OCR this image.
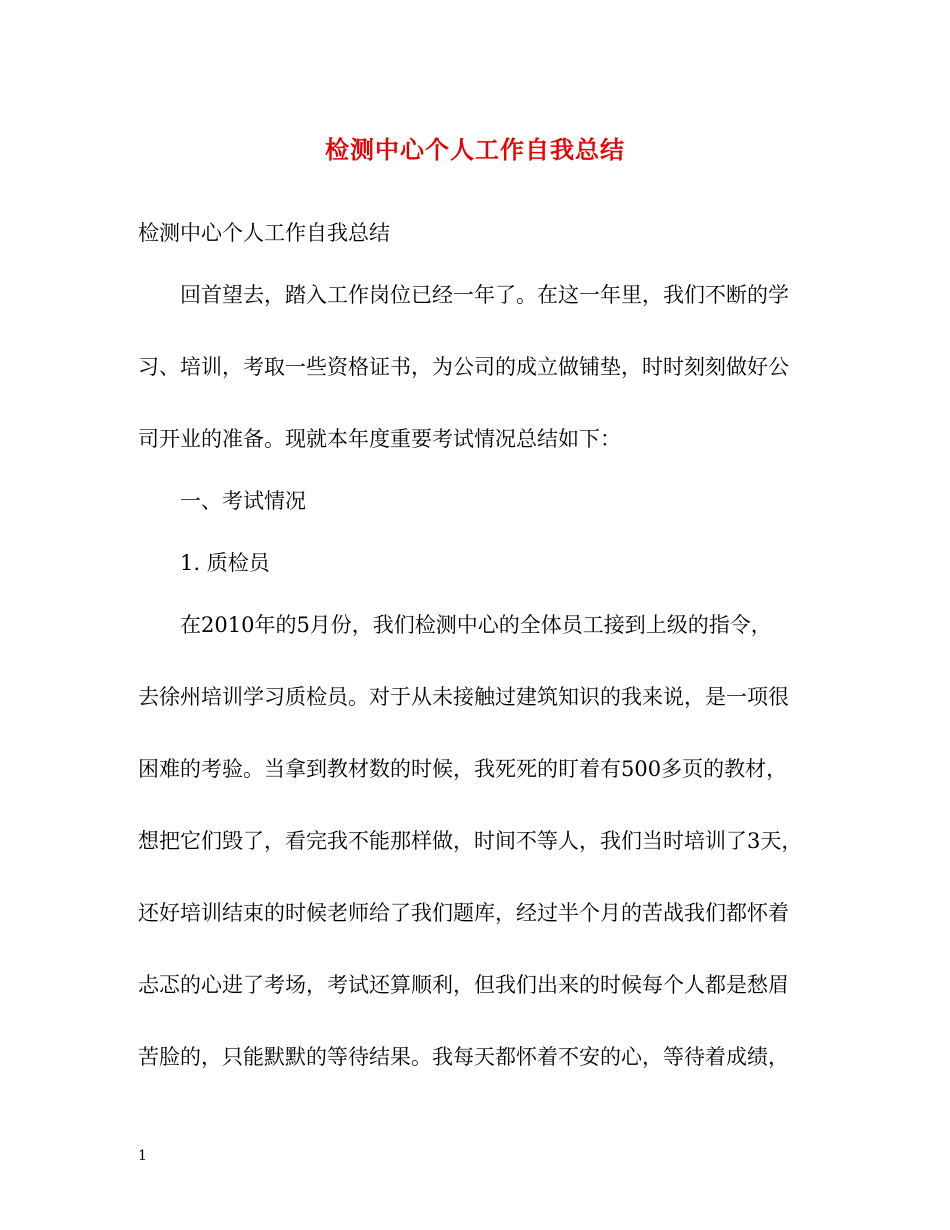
检测中心个人工作自我总结
检测中心个人工作自我总结
回首望去，踏入工作岗位已经一年了。在这一年里，我们不断的学
习、培训，考取一些资格证书，为公司的成立做铺垫，时时刻刻做好公
司开业的准备。现就本年度重要考试情况总结如下：
一、考试情况
1. 质检员
在2010年的5月份，我们检测中心的全体员工接到上级的指令，
去徐州培训学习质检员。对于从未接触过建筑知识的我来说，是一项很
困难的考验。当拿到教材数的时候，我死死的盯着有500多页的教材，
想把它们毁了，看完我不能那样做，时间不等人，我们当时培训了3天，
还好培训结束的时候老师给了我们题库，经过半个月的苦战我们都怀着
忐忑的心进了考场，考试还算顺利，但我们出来的时候每个人都是愁眉
苦脸的，只能默默的等待结果。我每天都怀着不安的心，等待着成绩，
1
